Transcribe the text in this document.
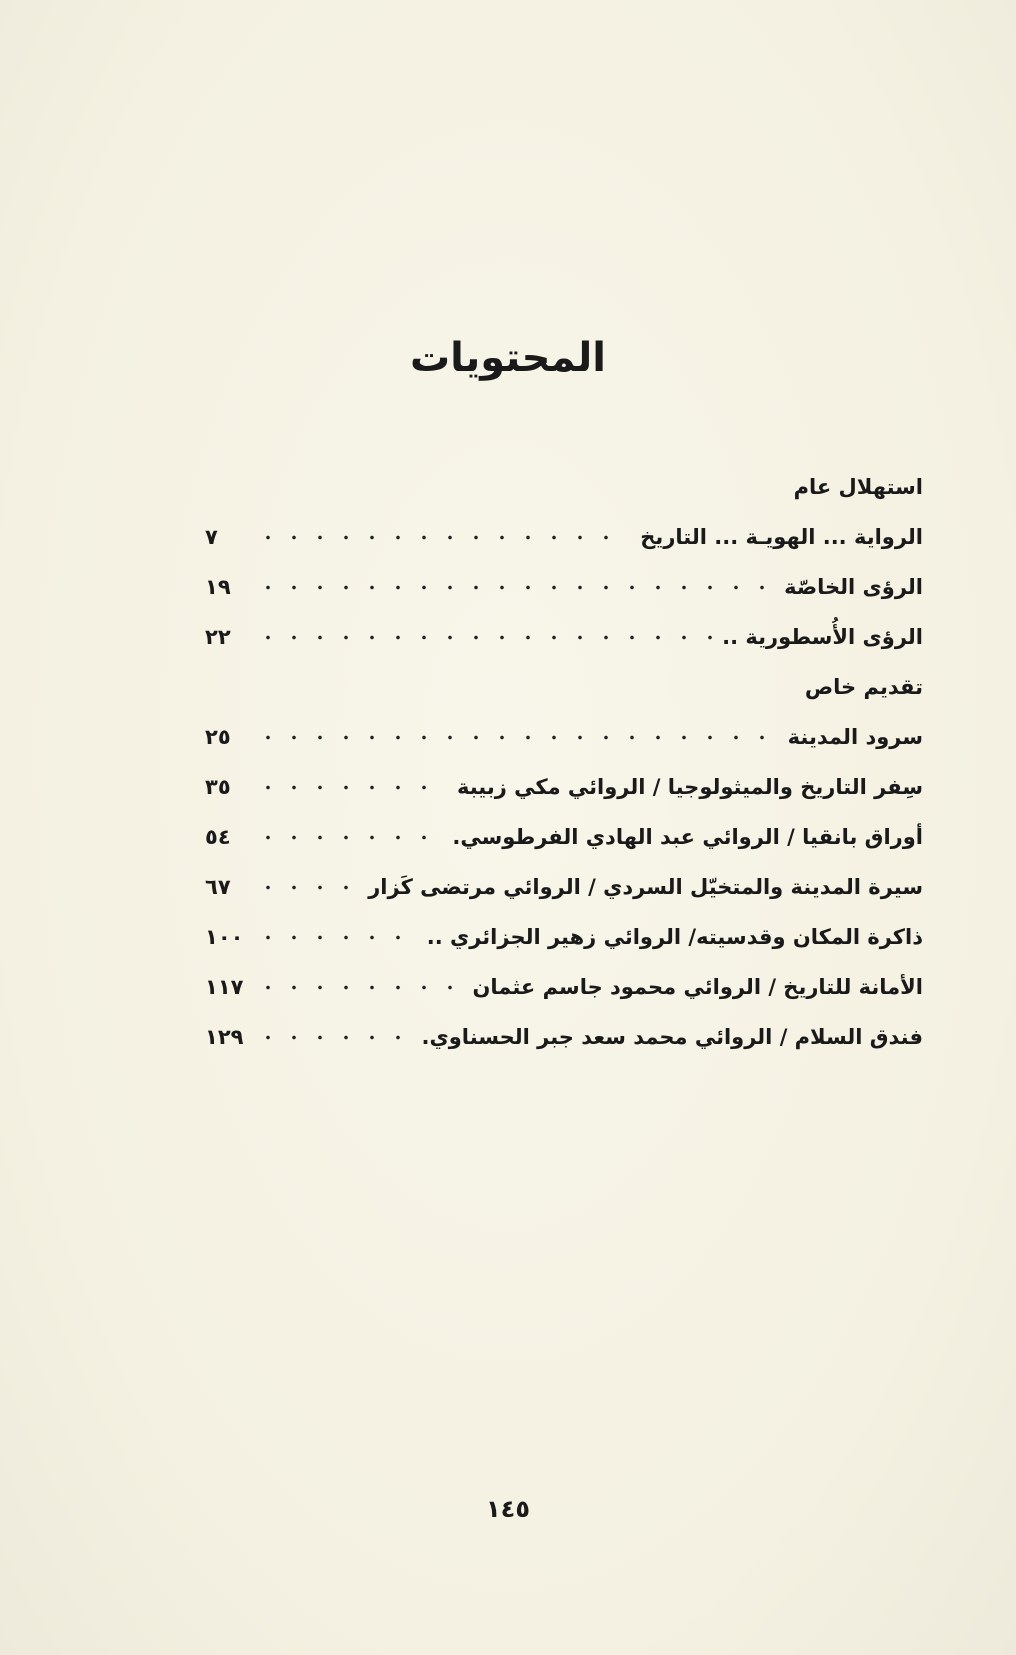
المحتويات
استهلال عام
الرواية ... الهويـة ... التاريخ
٧
الرؤى الخاصّة
١٩
الرؤى الأُسطورية ..
٢٢
تقديم خاص
سرود المدينة
٢٥
سِفر التاريخ والميثولوجيا / الروائي مكي زبيبة
٣٥
أوراق بانقيا / الروائي عبد الهادي الفرطوسي.
٥٤
سيرة المدينة والمتخيّل السردي / الروائي مرتضى كَزار
٦٧
ذاكرة المكان وقدسيته/ الروائي زهير الجزائري ..
١٠٠
الأمانة للتاريخ / الروائي محمود جاسم عثمان
١١٧
فندق السلام / الروائي محمد سعد جبر الحسناوي.
١٢٩
١٤٥
